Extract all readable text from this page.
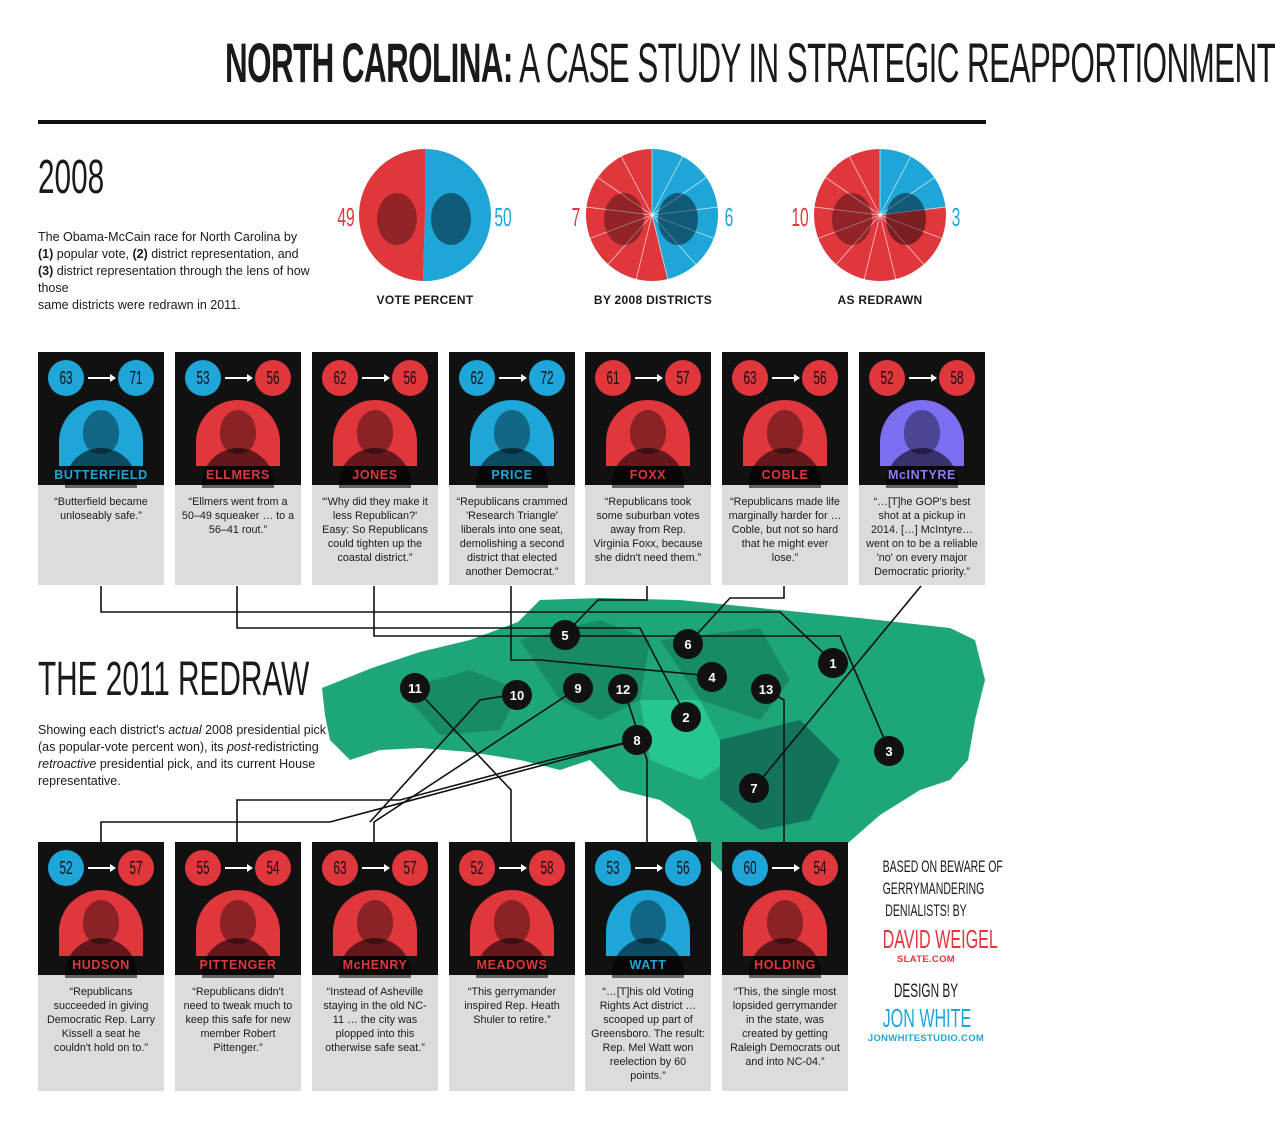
NORTH CAROLINA: A CASE STUDY IN STRATEGIC REAPPORTIONMENT
2008
The Obama-McCain race for North Carolina by
(1) popular vote, (2) district representation, and
(3) district representation through the lens of how those
same districts were redrawn in 2011.
49	50
VOTE PERCENT
7	6
BY 2008 DISTRICTS
10	3
AS REDRAWN
1
2
3
4
5
6
7
8
9
10
11	12	13
THE 2011 REDRAW
Showing each district's actual 2008 presidential pick (as popular-vote percent won), its post-redistricting retroactive presidential pick, and its current House representative.
63	71
BUTTERFIELD
“Butterfield became unloseably safe.”
53	56
ELLMERS
“Ellmers went from a 50–49 squeaker … to a 56–41 rout.”
62	56
JONES
“'Why did they make it less Republican?' Easy: So Republicans could tighten up the coastal district.”
62	72
PRICE
“Republicans crammed 'Research Triangle' liberals into one seat, demolishing a second district that elected another Democrat.”
61	57
FOXX
“Republicans took some suburban votes away from Rep. Virginia Foxx, because she didn't need them.”
63	56
COBLE
“Republicans made life marginally harder for … Coble, but not so hard that he might ever lose.”
52	58
McINTYRE
“…[T]he GOP's best shot at a pickup in 2014. […] McIntyre…went on to be a reliable 'no' on every major Democratic priority.”
52	57
HUDSON
“Republicans succeeded in giving Democratic Rep. Larry Kissell a seat he couldn't hold on to.”
55	54
PITTENGER
“Republicans didn't need to tweak much to keep this safe for new member Robert Pittenger.”
63	57
McHENRY
“Instead of Asheville staying in the old NC-11 … the city was plopped into this otherwise safe seat.”
52	58
MEADOWS
“This gerrymander inspired Rep. Heath Shuler to retire.”
53	56
WATT
“…[T]his old Voting Rights Act district … scooped up part of Greensboro. The result: Rep. Mel Watt won reelection by 60 points.”
60	54
HOLDING
“This, the single most lopsided gerrymander in the state, was created by getting Raleigh Democrats out and into NC-04.”
BASED ON BEWARE OF
GERRYMANDERING
DENIALISTS! BY
DAVID WEIGEL
SLATE.COM
DESIGN BY
JON WHITE
JONWHITESTUDIO.COM
